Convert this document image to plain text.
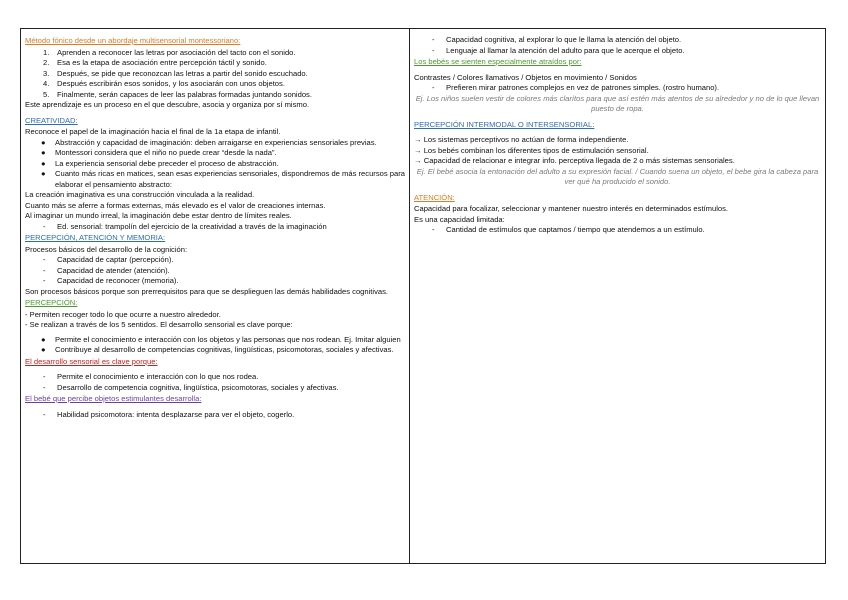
Método fónico desde un abordaje multisensorial montessoriano:
1.	Aprenden a reconocer las letras por asociación del tacto con el sonido.
2.	Esa es la etapa de asociación entre percepción táctil y sonido.
3.	Después, se pide que reconozcan las letras a partir del sonido escuchado.
4.	Después escribirán esos sonidos, y los asociarán con unos objetos.
5.	Finalmente, serán capaces de leer las palabras formadas juntando sonidos.

Este aprendizaje es un proceso en el que descubre, asocia y organiza por sí mismo.

CREATIVIDAD:

Reconoce el papel de la imaginación hacia el final de la 1a etapa de infantil.

●	Abstracción y capacidad de imaginación: deben arraigarse en experiencias sensoriales previas.
●	Montessori considera que el niño no puede crear “desde la nada”.
●	La experiencia sensorial debe preceder el proceso de abstracción.
●	Cuanto más ricas en matices, sean esas experiencias sensoriales, dispondremos de más recursos para elaborar el pensamiento abstracto:

La creación imaginativa es una construcción vinculada a la realidad.

Cuanto más se aferre a formas externas, más elevado es el valor de creaciones internas.

Al imaginar un mundo irreal, la imaginación debe estar dentro de límites reales.

-	Ed. sensorial: trampolín del ejercicio de la creatividad a través de la imaginación
PERCEPCIÓN, ATENCIÓN Y MEMORIA:

Procesos básicos del desarrollo de la cognición:

-	Capacidad de captar (percepción).
-	Capacidad de atender (atención).
-	Capacidad de reconocer (memoria).

Son procesos básicos porque son prerrequisitos para que se desplieguen las demás habilidades cognitivas.

PERCEPCIÓN:

- Permiten recoger todo lo que ocurre a nuestro alrededor.

- Se realizan a través de los 5 sentidos. El desarrollo sensorial es clave porque:

●	Permite el conocimiento e interacción con los objetos y las personas que nos rodean. Ej. Imitar alguien
●	Contribuye al desarrollo de competencias cognitivas, lingüísticas, psicomotoras, sociales y afectivas.
El desarrollo sensorial es clave porque:
-	Permite el conocimiento e interacción con lo que nos rodea.
-	Desarrollo de competencia cognitiva, lingüística, psicomotoras, sociales y afectivas.
El bebé que percibe objetos estimulantes desarrolla:
-	Habilidad psicomotora: intenta desplazarse para ver el objeto, cogerlo.
-	Capacidad cognitiva, al explorar lo que le llama la atención del objeto.
-	Lenguaje al llamar la atención del adulto para que le acerque el objeto.
Los bebés se sienten especialmente atraídos por:

Contrastes / Colores llamativos / Objetos en movimiento / Sonidos

-	Prefieren mirar patrones complejos en vez de patrones simples. (rostro humano).

Ej. Los niños suelen vestir de colores más clarítos para que así estén más atentos de su alrededor y no de lo que llevan puesto de ropa.

PERCEPCIÓN INTERMODAL O INTERSENSORIAL:

→ Los sistemas perceptivos no actúan de forma independiente.

→ Los bebés combinan los diferentes tipos de estimulación sensorial.

→ Capacidad de relacionar e integrar info. perceptiva llegada de 2 o más sistemas sensoriales.

Ej. El bebé asocia la entonación del adulto a su expresión facial. / Cuando suena un objeto, el bebe gira la cabeza para ver qué ha producido el sonido.

ATENCIÓN:

Capacidad para focalizar, seleccionar y mantener nuestro interés en determinados estímulos.

Es una capacidad limitada:

-	Cantidad de estímulos que captamos / tiempo que atendemos a un estímulo.
